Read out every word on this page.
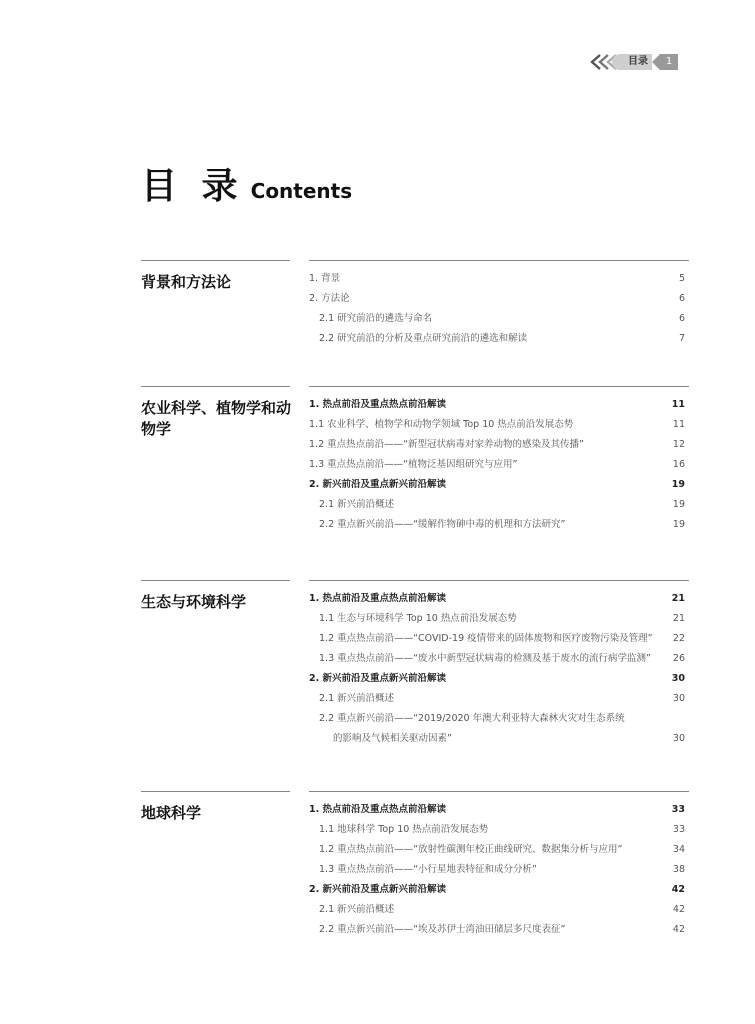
目录	1
目 录 Contents
背景和方法论	1. 背景	5
2. 方法论	6
2.1 研究前沿的遴选与命名	6
2.2 研究前沿的分析及重点研究前沿的遴选和解读	7
农业科学、植物学和动物学
1. 热点前沿及重点热点前沿解读	11
1.1 农业科学、植物学和动物学领域 Top 10 热点前沿发展态势	11
1.2 重点热点前沿——“新型冠状病毒对家养动物的感染及其传播”	12
1.3 重点热点前沿——“植物泛基因组研究与应用”	16
2. 新兴前沿及重点新兴前沿解读	19
2.1 新兴前沿概述	19
2.2 重点新兴前沿——“缓解作物砷中毒的机理和方法研究”	19
生态与环境科学	1. 热点前沿及重点热点前沿解读	21
1.1 生态与环境科学 Top 10 热点前沿发展态势	21
1.2 重点热点前沿——“COVID-19 疫情带来的固体废物和医疗废物污染及管理” 22
1.3 重点热点前沿——“废水中新型冠状病毒的检测及基于废水的流行病学监测” 26
2. 新兴前沿及重点新兴前沿解读	30
2.1 新兴前沿概述	30
2.2 重点新兴前沿——“2019/2020 年澳大利亚特大森林火灾对生态系统
的影响及气候相关驱动因素”	30
地球科学	1. 热点前沿及重点热点前沿解读	33
1.1 地球科学 Top 10 热点前沿发展态势	33
1.2 重点热点前沿——“放射性碳测年校正曲线研究、数据集分析与应用”	34
1.3 重点热点前沿——“小行星地表特征和成分分析”	38
2. 新兴前沿及重点新兴前沿解读	42
2.1 新兴前沿概述	42
2.2 重点新兴前沿——“埃及苏伊士湾油田储层多尺度表征”	42
